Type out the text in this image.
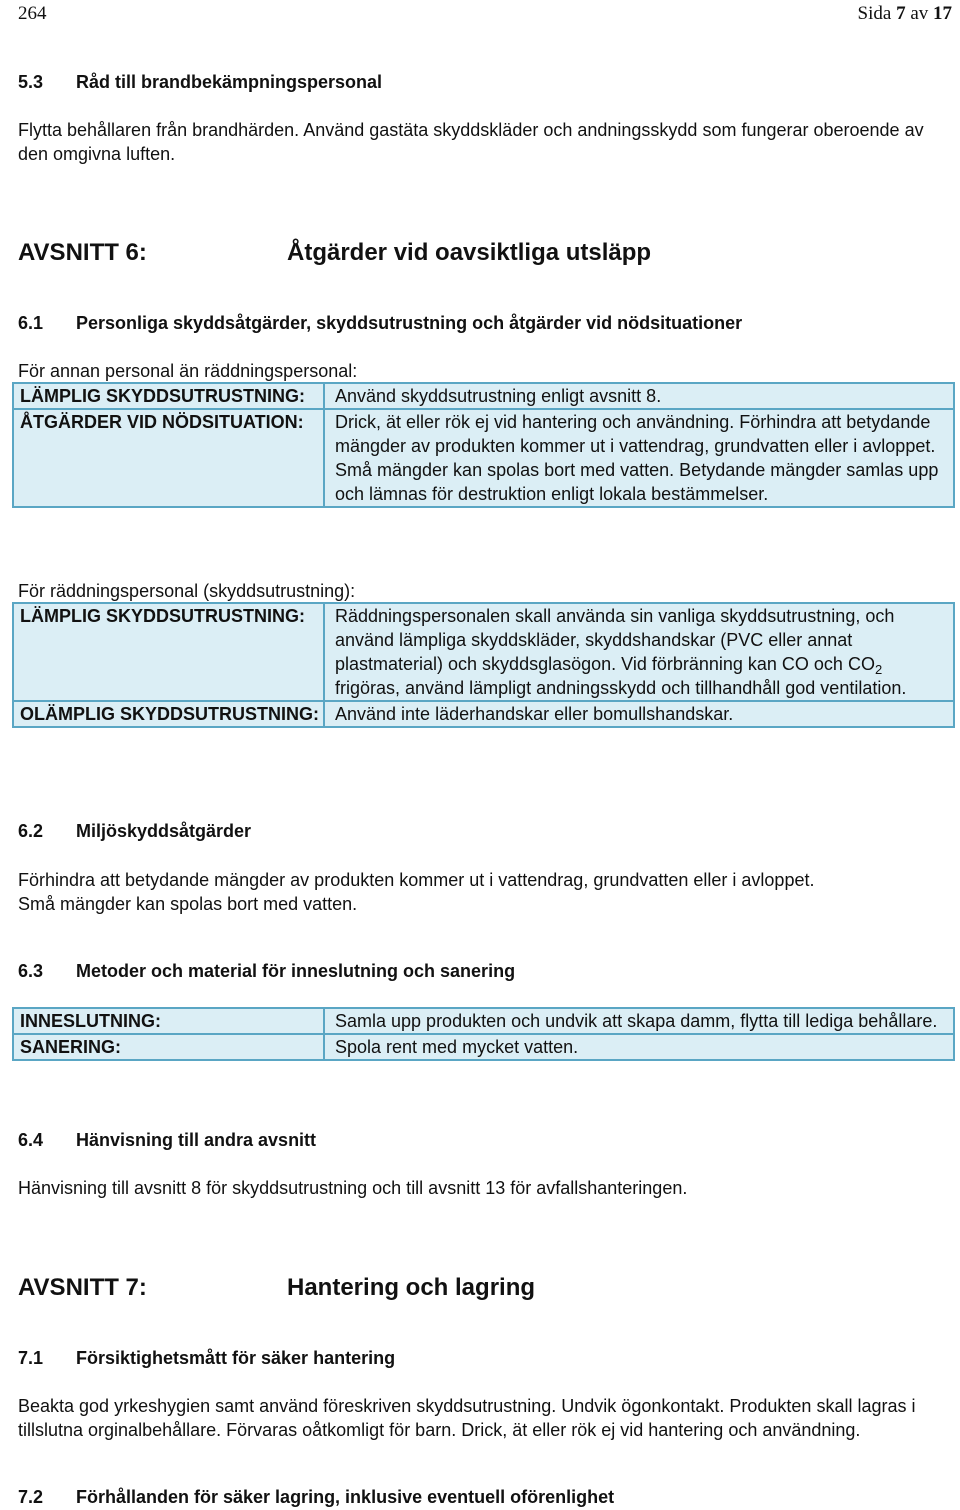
264	Sida 7 av 17
5.3 Råd till brandbekämpningspersonal
Flytta behållaren från brandhärden. Använd gastäta skyddskläder och andningsskydd som fungerar oberoende av den omgivna luften.
AVSNITT 6:	Åtgärder vid oavsiktliga utsläpp
6.1 Personliga skyddsåtgärder, skyddsutrustning och åtgärder vid nödsituationer
För annan personal än räddningspersonal:
LÄMPLIG SKYDDSUTRUSTNING:	Använd skyddsutrustning enligt avsnitt 8.
ÅTGÄRDER VID NÖDSITUATION:	Drick, ät eller rök ej vid hantering och användning. Förhindra att betydande mängder av produkten kommer ut i vattendrag, grundvatten eller i avloppet. Små mängder kan spolas bort med vatten. Betydande mängder samlas upp och lämnas för destruktion enligt lokala bestämmelser.
För räddningspersonal (skyddsutrustning):
LÄMPLIG SKYDDSUTRUSTNING:	Räddningspersonalen skall använda sin vanliga skyddsutrustning, och använd lämpliga skyddskläder, skyddshandskar (PVC eller annat plastmaterial) och skyddsglasögon. Vid förbränning kan CO och $CO_2$ frigöras, använd lämpligt andningsskydd och tillhandhåll god ventilation.
OLÄMPLIG SKYDDSUTRUSTNING:	Använd inte läderhandskar eller bomullshandskar.
6.2 Miljöskyddsåtgärder
Förhindra att betydande mängder av produkten kommer ut i vattendrag, grundvatten eller i avloppet. Små mängder kan spolas bort med vatten.
6.3 Metoder och material för inneslutning och sanering
INNESLUTNING:	Samla upp produkten och undvik att skapa damm, flytta till lediga behållare.
SANERING:	Spola rent med mycket vatten.
6.4 Hänvisning till andra avsnitt
Hänvisning till avsnitt 8 för skyddsutrustning och till avsnitt 13 för avfallshanteringen.
AVSNITT 7:	Hantering och lagring
7.1 Försiktighetsmått för säker hantering
Beakta god yrkeshygien samt använd föreskriven skyddsutrustning. Undvik ögonkontakt. Produkten skall lagras i tillslutna orginalbehållare. Förvaras oåtkomligt för barn. Drick, ät eller rök ej vid hantering och användning.
7.2 Förhållanden för säker lagring, inklusive eventuell oförenlighet
